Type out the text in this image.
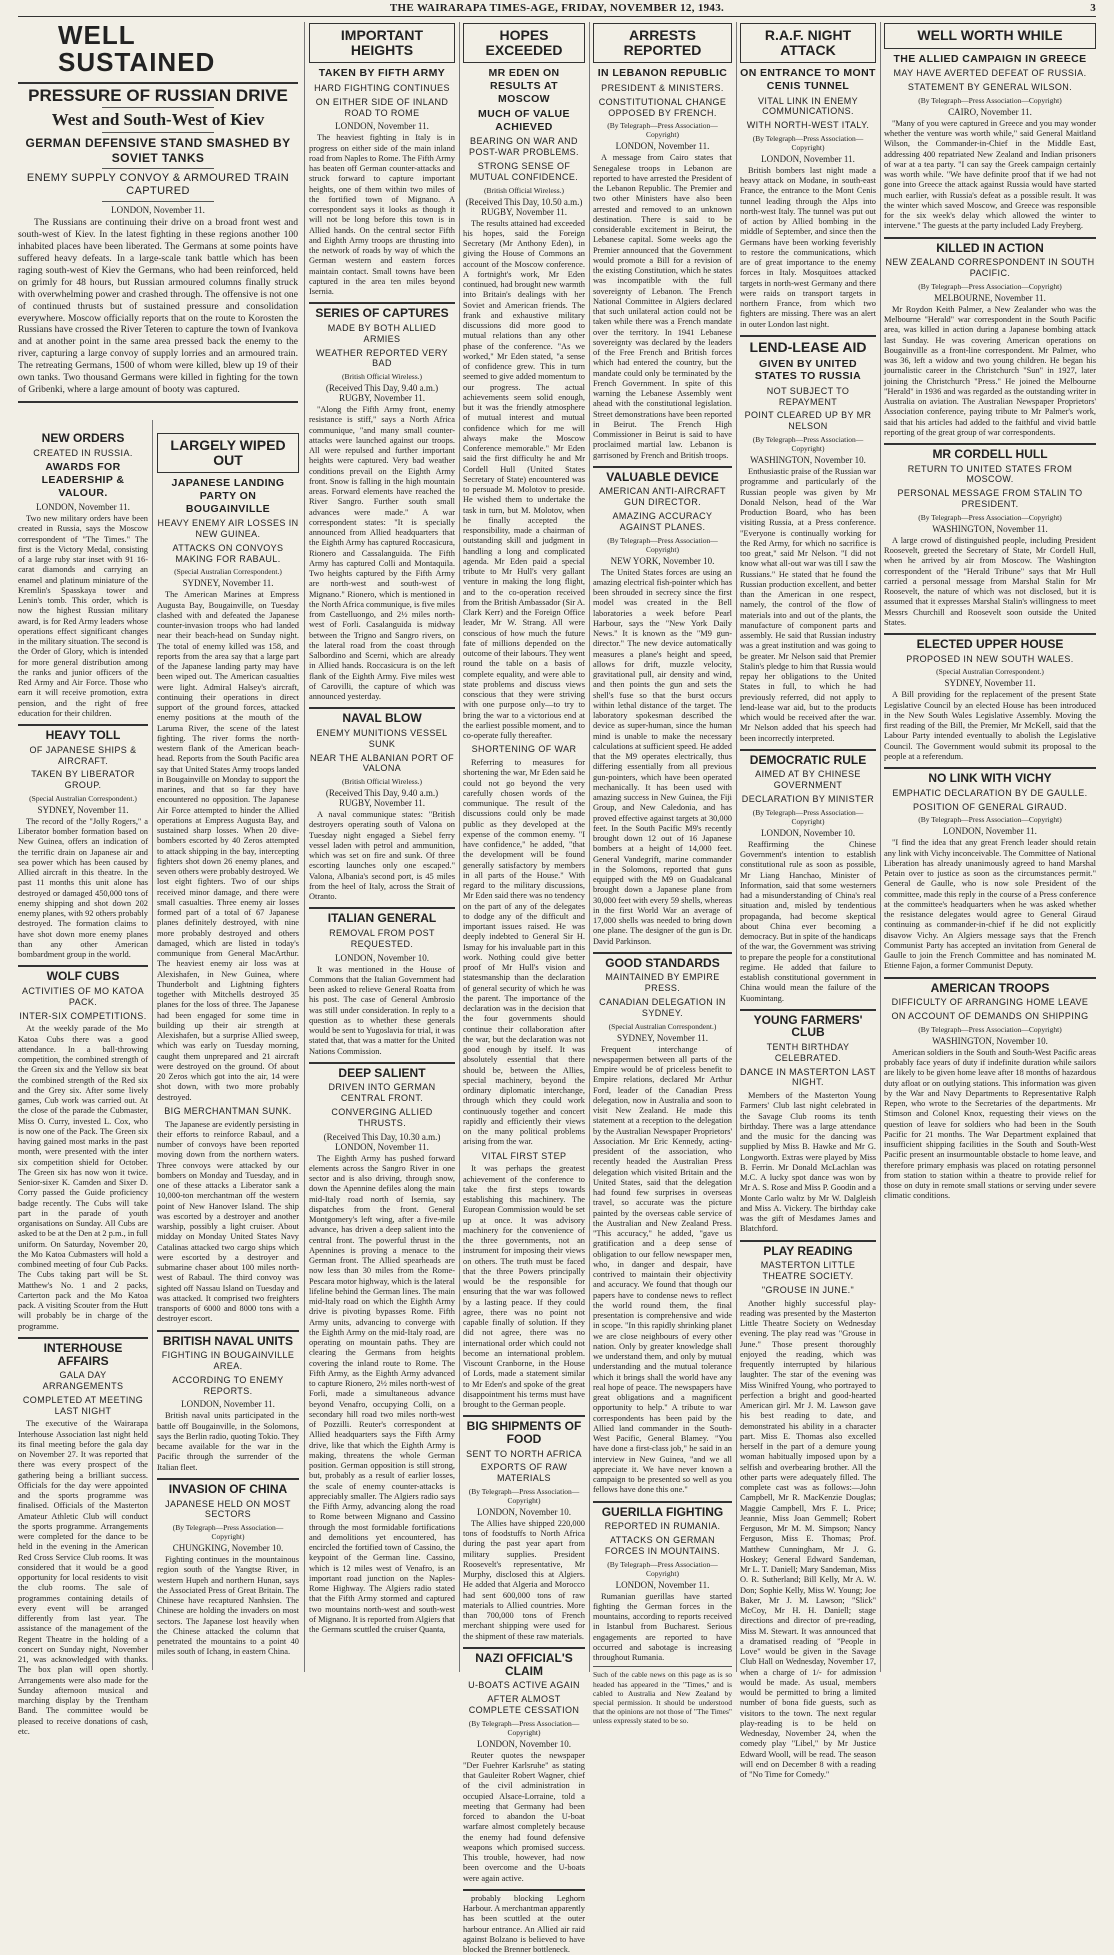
THE WAIRARAPA TIMES-AGE, FRIDAY, NOVEMBER 12, 1943.	3
WELL SUSTAINED
PRESSURE OF RUSSIAN DRIVE
West and South-West of Kiev
GERMAN DEFENSIVE STAND SMASHED BY SOVIET TANKS
ENEMY SUPPLY CONVOY & ARMOURED TRAIN CAPTURED
LONDON, November 11.

The Russians are continuing their drive on a broad front west and south-west of Kiev. In the latest fighting in these regions another 100 inhabited places have been liberated. The Germans at some points have suffered heavy defeats. In a large-scale tank battle which has been raging south-west of Kiev the Germans, who had been reinforced, held on grimly for 48 hours, but Russian armoured columns finally struck with overwhelming power and crashed through. The offensive is not one of continued thrusts but of sustained pressure and consolidation everywhere. Moscow officially reports that on the route to Korosten the Russians have crossed the River Teteren to capture the town of Ivankova and at another point in the same area pressed back the enemy to the river, capturing a large convoy of supply lorries and an armoured train. The retreating Germans, 1500 of whom were killed, blew up 19 of their own tanks. Two thousand Germans were killed in fighting for the town of Gribenki, where a large amount of booty was captured.

NEW ORDERS
CREATED IN RUSSIA.
AWARDS FOR LEADERSHIP & VALOUR.
LONDON, November 11.

Two new military orders have been created in Russia, says the Moscow correspondent of "The Times." The first is the Victory Medal, consisting of a large ruby star inset with 91 16-carat diamonds and carrying an enamel and platinum miniature of the Kremlin's Spasskaya tower and Lenin's tomb. This order, which is now the highest Russian military award, is for Red Army leaders whose operations effect significant changes in the military situation. The second is the Order of Glory, which is intended for more general distribution among the ranks and junior officers of the Red Army and Air Force. Those who earn it will receive promotion, extra pension, and the right of free education for their children.

HEAVY TOLL
OF JAPANESE SHIPS & AIRCRAFT.
TAKEN BY LIBERATOR GROUP.
(Special Australian Correspondent.)
SYDNEY, November 11.

The record of the "Jolly Rogers," a Liberator bomber formation based on New Guinea, offers an indication of the terrific drain on Japanese air and sea power which has been caused by Allied aircraft in this theatre. In the past 11 months this unit alone has destroyed or damaged 450,000 tons of enemy shipping and shot down 202 enemy planes, with 92 others probably destroyed. The formation claims to have shot down more enemy planes than any other American bombardment group in the world.

WOLF CUBS
ACTIVITIES OF MO KATOA PACK.
INTER-SIX COMPETITIONS.

At the weekly parade of the Mo Katoa Cubs there was a good attendance. In a ball-throwing competition, the combined strength of the Green six and the Yellow six beat the combined strength of the Red six and the Grey six. After some lively games, Cub work was carried out. At the close of the parade the Cubmaster, Miss O. Curry, invested L. Cox, who is now one of the Pack. The Green six having gained most marks in the past month, were presented with the inter six competition shield for October. The Green six has now won it twice. Senior-sixer K. Camden and Sixer D. Corry passed the Guide proficiency badge recently. The Cubs will take part in the parade of youth organisations on Sunday. All Cubs are asked to be at the Den at 2 p.m., in full uniform. On Saturday, November 20, the Mo Katoa Cubmasters will hold a combined meeting of four Cub Packs. The Cubs taking part will be St. Matthew's No. 1 and 2 packs, Carterton pack and the Mo Katoa pack. A visiting Scouter from the Hutt will probably be in charge of the programme.

INTERHOUSE AFFAIRS
GALA DAY ARRANGEMENTS
COMPLETED AT MEETING LAST NIGHT

The executive of the Wairarapa Interhouse Association last night held its final meeting before the gala day on November 27. It was reported that there was every prospect of the gathering being a brilliant success. Officials for the day were appointed and the sports programme was finalised. Officials of the Masterton Amateur Athletic Club will conduct the sports programme. Arrangements were completed for the dance to be held in the evening in the American Red Cross Service Club rooms. It was considered that it would be a good opportunity for local residents to visit the club rooms. The sale of programmes containing details of every event will be arranged differently from last year. The assistance of the management of the Regent Theatre in the holding of a concert on Sunday night, November 21, was acknowledged with thanks. The box plan will open shortly. Arrangements were also made for the Sunday afternoon musical and marching display by the Trentham Band. The committee would be pleased to receive donations of cash, etc.

LARGELY WIPED OUT
JAPANESE LANDING PARTY ON BOUGAINVILLE
HEAVY ENEMY AIR LOSSES IN NEW GUINEA.
ATTACKS ON CONVOYS MAKING FOR RABAUL.
(Special Australian Correspondent.)
SYDNEY, November 11.

The American Marines at Empress Augusta Bay, Bougainville, on Tuesday clashed with and defeated the Japanese counter-invasion troops who had landed near their beach-head on Sunday night. The total of enemy killed was 158, and reports from the area say that a large part of the Japanese landing party may have been wiped out. The American casualties were light. Admiral Halsey's aircraft, continuing their operations in direct support of the ground forces, attacked enemy positions at the mouth of the Laruma River, the scene of the latest fighting. The river forms the north-western flank of the American beach-head. Reports from the South Pacific area say that United States Army troops landed in Bougainville on Monday to support the marines, and that so far they have encountered no opposition. The Japanese Air Force attempted to hinder the Allied operations at Empress Augusta Bay, and sustained sharp losses. When 20 dive-bombers escorted by 40 Zeros attempted to attack shipping in the bay, intercepting fighters shot down 26 enemy planes, and seven others were probably destroyed. We lost eight fighters. Two of our ships received minor damage, and there were small casualties. Three enemy air losses formed part of a total of 67 Japanese planes definitely destroyed, with nine more probably destroyed and others damaged, which are listed in today's communique from General MacArthur. The heaviest enemy air loss was at Alexishafen, in New Guinea, where Thunderbolt and Lightning fighters together with Mitchells destroyed 35 planes for the loss of three. The Japanese had been engaged for some time in building up their air strength at Alexishafen, but a surprise Allied sweep, which was early on Tuesday morning, caught them unprepared and 21 aircraft were destroyed on the ground. Of about 20 Zeros which got into the air, 14 were shot down, with two more probably destroyed.

BIG MERCHANTMAN SUNK.

The Japanese are evidently persisting in their efforts to reinforce Rabaul, and a number of convoys have been reported moving down from the northern waters. Three convoys were attacked by our bombers on Monday and Tuesday, and in one of these attacks a Liberator sank a 10,000-ton merchantman off the western point of New Hanover Island. The ship was escorted by a destroyer and another warship, possibly a light cruiser. About midday on Monday United States Navy Catalinas attacked two cargo ships which were escorted by a destroyer and submarine chaser about 100 miles north-west of Rabaul. The third convoy was sighted off Nassau Island on Tuesday and was attacked. It comprised two freighters transports of 6000 and 8000 tons with a destroyer escort.

BRITISH NAVAL UNITS
FIGHTING IN BOUGAINVILLE AREA.
ACCORDING TO ENEMY REPORTS.
LONDON, November 11.

British naval units participated in the battle off Bougainville, in the Solomons, says the Berlin radio, quoting Tokio. They became available for the war in the Pacific through the surrender of the Italian fleet.

INVASION OF CHINA
JAPANESE HELD ON MOST SECTORS
(By Telegraph—Press Association—Copyright)
CHUNGKING, November 10.

Fighting continues in the mountainous region south of the Yangtse River, in western Hupeh and northern Hunan, says the Associated Press of Great Britain. The Chinese have recaptured Nanhsien. The Chinese are holding the invaders on most sectors. The Japanese lost heavily when the Chinese attacked the column that penetrated the mountains to a point 40 miles south of Ichang, in eastern China.

IMPORTANT HEIGHTS
TAKEN BY FIFTH ARMY
HARD FIGHTING CONTINUES
ON EITHER SIDE OF INLAND ROAD TO ROME
LONDON, November 11.

The heaviest fighting in Italy is in progress on either side of the main inland road from Naples to Rome. The Fifth Army has beaten off German counter-attacks and struck forward to capture important heights, one of them within two miles of the fortified town of Mignano. A correspondent says it looks as though it will not be long before this town is in Allied hands. On the central sector Fifth and Eighth Army troops are thrusting into the network of roads by way of which the German western and eastern forces maintain contact. Small towns have been captured in the area ten miles beyond Isernia.

SERIES OF CAPTURES
MADE BY BOTH ALLIED ARMIES
WEATHER REPORTED VERY BAD
(British Official Wireless.)
(Received This Day, 9.40 a.m.) RUGBY, November 11.

"Along the Fifth Army front, enemy resistance is stiff," says a North Africa communique, "and many small counter-attacks were launched against our troops. All were repulsed and further important heights were captured. Very bad weather conditions prevail on the Eighth Army front. Snow is falling in the high mountain areas. Forward elements have reached the River Sangro. Further south small advances were made." A war correspondent states: "It is specially announced from Allied headquarters that the Eighth Army has captured Roccasicura, Rionero and Cassalanguida. The Fifth Army has captured Colli and Montaquila. Two heights captured by the Fifth Army are north-west and south-west of Mignano." Rionero, which is mentioned in the North Africa communique, is five miles from Castelluongo, and 2½ miles north-west of Forli. Casalanguida is midway between the Trigno and Sangro rivers, on the lateral road from the coast through Salbordino and Scerni, which are already in Allied hands. Roccasicura is on the left flank of the Eighth Army. Five miles west of Carovilli, the capture of which was announced yesterday.

NAVAL BLOW
ENEMY MUNITIONS VESSEL SUNK
NEAR THE ALBANIAN PORT OF VALONA
(British Official Wireless.)
(Received This Day, 9.40 a.m.) RUGBY, November 11.

A naval communique states: "British destroyers operating south of Valona on Tuesday night engaged a Siebel ferry vessel laden with petrol and ammunition, which was set on fire and sunk. Of three escorting launches only one escaped." Valona, Albania's second port, is 45 miles from the heel of Italy, across the Strait of Otranto.

ITALIAN GENERAL
REMOVAL FROM POST REQUESTED.
LONDON, November 10.

It was mentioned in the House of Commons that the Italian Government had been asked to relieve General Roatta from his post. The case of General Ambrosio was still under consideration. In reply to a question as to whether these generals would be sent to Yugoslavia for trial, it was stated that, that was a matter for the United Nations Commission.

DEEP SALIENT
DRIVEN INTO GERMAN CENTRAL FRONT.
CONVERGING ALLIED THRUSTS.
(Received This Day, 10.30 a.m.) LONDON, November 11.

The Eighth Army has pushed forward elements across the Sangro River in one sector and is also driving, through snow, down the Apennine defiles along the main mid-Italy road north of Isernia, say dispatches from the front. General Montgomery's left wing, after a five-mile advance, has driven a deep salient into the central front. The powerful thrust in the Apennines is proving a menace to the German front. The Allied spearheads are now less than 30 miles from the Rome-Pescara motor highway, which is the lateral lifeline behind the German lines. The main mid-Italy road on which the Eighth Army drive is pivoting bypasses Rome. Fifth Army units, advancing to converge with the Eighth Army on the mid-Italy road, are operating on mountain paths. They are clearing the Germans from heights covering the inland route to Rome. The Fifth Army, as the Eighth Army advanced to capture Rionero, 2½ miles north-west of Forli, made a simultaneous advance beyond Venafro, occupying Colli, on a secondary hill road two miles north-west of Pozzilli. Reuter's correspondent at Allied headquarters says the Fifth Army drive, like that which the Eighth Army is making, threatens the whole German position. German opposition is still strong, but, probably as a result of earlier losses, the scale of enemy counter-attacks is appreciably smaller. The Algiers radio says the Fifth Army, advancing along the road to Rome between Mignano and Cassino through the most formidable fortifications and demolitions yet encountered, has encircled the fortified town of Cassino, the keypoint of the German line. Cassino, which is 12 miles west of Venafro, is an important road junction on the Naples-Rome Highway. The Algiers radio stated that the Fifth Army stormed and captured two mountains north-west and south-west of Mignano. It is reported from Algiers that the Germans scuttled the cruiser Quanta,

HOPES EXCEEDED
MR EDEN ON RESULTS AT MOSCOW
MUCH OF VALUE ACHIEVED
BEARING ON WAR AND POST-WAR PROBLEMS.
STRONG SENSE OF MUTUAL CONFIDENCE.
(British Official Wireless.)
(Received This Day, 10.50 a.m.) RUGBY, November 11.

The results attained had exceeded his hopes, said the Foreign Secretary (Mr Anthony Eden), in giving the House of Commons an account of the Moscow conference. A fortnight's work, Mr Eden continued, had brought new warmth into Britain's dealings with her Soviet and American friends. The frank and exhaustive military discussions did more good to mutual relations than any other phase of the conference. "As we worked," Mr Eden stated, "a sense of confidence grew. This in turn seemed to give added momentum to our progress. The actual achievements seem solid enough, but it was the friendly atmosphere of mutual interest and mutual confidence which for me will always make the Moscow Conference memorable." Mr Eden said the first difficulty he and Mr Cordell Hull (United States Secretary of State) encountered was to persuade M. Molotov to preside. He wished them to undertake the task in turn, but M. Molotov, when he finally accepted the responsibility, made a chairman of outstanding skill and judgment in handling a long and complicated agenda. Mr Eden paid a special tribute to Mr Hull's very gallant venture in making the long flight, and to the co-operation received from the British Ambassador (Sir A. Clark Kerr) and the Foreign Office leader, Mr W. Strang. All were conscious of how much the future fate of millions depended on the outcome of their labours. They went round the table on a basis of complete equality, and were able to state problems and discuss views conscious that they were striving with one purpose only—to try to bring the war to a victorious end at the earliest possible moment, and to co-operate fully thereafter.

SHORTENING OF WAR

Referring to measures for shortening the war, Mr Eden said he could not go beyond the very carefully chosen words of the communique. The result of the discussions could only be made public as they developed at the expense of the common enemy. "I have confidence," he added, "that the development will be found generally satisfactory by members in all parts of the House." With regard to the military discussions, Mr Eden said there was no tendency on the part of any of the delegates to dodge any of the difficult and important issues raised. He was deeply indebted to General Sir H. Ismay for his invaluable part in this work. Nothing could give better proof of Mr Hull's vision and statesmanship than the declaration of general security of which he was the parent. The importance of the declaration was in the decision that the four governments should continue their collaboration after the war, but the declaration was not good enough by itself. It was absolutely essential that there should be, between the Allies, special machinery, beyond the ordinary diplomatic interchange, through which they could work continuously together and concert rapidly and efficiently their views on the many political problems arising from the war.

VITAL FIRST STEP

It was perhaps the greatest achievement of the conference to take the first steps towards establishing this machinery. The European Commission would be set up at once. It was advisory machinery for the convenience of the three governments, not an instrument for imposing their views on others. The truth must be faced that the three Powers principally would be the responsible for ensuring that the war was followed by a lasting peace. If they could agree, there was no point not capable finally of solution. If they did not agree, there was no international order which could not become an international problem. Viscount Cranborne, in the House of Lords, made a statement similar to Mr Eden's and spoke of the great disappointment his terms must have brought to the German people.

BIG SHIPMENTS OF FOOD
SENT TO NORTH AFRICA
EXPORTS OF RAW MATERIALS
(By Telegraph—Press Association—Copyright)
LONDON, November 10.

The Allies have shipped 220,000 tons of foodstuffs to North Africa during the past year apart from military supplies. President Roosevelt's representative, Mr Murphy, disclosed this at Algiers. He added that Algeria and Morocco had sent 600,000 tons of raw materials to Allied countries. More than 700,000 tons of French merchant shipping were used for the shipment of these raw materials.

NAZI OFFICIAL'S CLAIM
U-BOATS ACTIVE AGAIN
AFTER ALMOST COMPLETE CESSATION
(By Telegraph—Press Association—Copyright)
LONDON, November 10.

Reuter quotes the newspaper "Der Fuehrer Karlsruhe" as stating that Gauleiter Robert Wagner, chief of the civil administration in occupied Alsace-Lorraine, told a meeting that Germany had been forced to abandon the U-boat warfare almost completely because the enemy had found defensive weapons which promised success. This trouble, however, had now been overcome and the U-boats were again active.

probably blocking Leghorn Harbour. A merchantman apparently has been scuttled at the outer harbour entrance. An Allied air raid against Bolzano is believed to have blocked the Brenner bottleneck.

ARRESTS REPORTED
IN LEBANON REPUBLIC
PRESIDENT & MINISTERS.
CONSTITUTIONAL CHANGE OPPOSED BY FRENCH.
(By Telegraph—Press Association—Copyright)
LONDON, November 11.

A message from Cairo states that Senegalese troops in Lebanon are reported to have arrested the President of the Lebanon Republic. The Premier and two other Ministers have also been arrested and removed to an unknown destination. There is said to be considerable excitement in Beirut, the Lebanese capital. Some weeks ago the Premier announced that the Government would promote a Bill for a revision of the existing Constitution, which he states was incompatible with the full sovereignty of Lebanon. The French National Committee in Algiers declared that such unilateral action could not be taken while there was a French mandate over the territory. In 1941 Lebanese sovereignty was declared by the leaders of the Free French and British forces which had entered the country, but the mandate could only be terminated by the French Government. In spite of this warning the Lebanese Assembly went ahead with the constitutional legislation. Street demonstrations have been reported in Beirut. The French High Commissioner in Beirut is said to have proclaimed martial law. Lebanon is garrisoned by French and British troops.

VALUABLE DEVICE
AMERICAN ANTI-AIRCRAFT GUN DIRECTOR.
AMAZING ACCURACY AGAINST PLANES.
(By Telegraph—Press Association—Copyright)
NEW YORK, November 10.

The United States forces are using an amazing electrical fish-pointer which has been shrouded in secrecy since the first model was created in the Bell laboratories a week before Pearl Harbour, says the "New York Daily News." It is known as the "M9 gun-director." The new device automatically measures a plane's height and speed, allows for drift, muzzle velocity, gravitational pull, air density and wind, and then points the gun and sets the shell's fuse so that the burst occurs within lethal distance of the target. The laboratory spokesman described the device as super-human, since the human mind is unable to make the necessary calculations at sufficient speed. He added that the M9 operates electrically, thus differing essentially from all previous gun-pointers, which have been operated mechanically. It has been used with amazing success in New Guinea, the Fiji Group, and New Caledonia, and has proved effective against targets at 30,000 feet. In the South Pacific M9's recently brought down 12 out of 16 Japanese bombers at a height of 14,000 feet. General Vandegrift, marine commander in the Solomons, reported that guns equipped with the M9 on Guadalcanal brought down a Japanese plane from 30,000 feet with every 59 shells, whereas in the first World War an average of 17,000 shells was needed to bring down one plane. The designer of the gun is Dr. David Parkinson.

GOOD STANDARDS
MAINTAINED BY EMPIRE PRESS.
CANADIAN DELEGATION IN SYDNEY.
(Special Australian Correspondent.)
SYDNEY, November 11.

Frequent interchange of newspapermen between all parts of the Empire would be of priceless benefit to Empire relations, declared Mr Arthur Ford, leader of the Canadian Press delegation, now in Australia and soon to visit New Zealand. He made this statement at a reception to the delegation by the Australian Newspaper Proprietors' Association. Mr Eric Kennedy, acting-president of the association, who recently headed the Australian Press delegation which visited Britain and the United States, said that the delegation had found few surprises in overseas travel, so accurate was the picture painted by the overseas cable service of the Australian and New Zealand Press. "This accuracy," he added, "gave us gratification and a deep sense of obligation to our fellow newspaper men, who, in danger and despair, have contrived to maintain their objectivity and accuracy. We found that though our papers have to condense news to reflect the world round them, the final presentation is comprehensive and wide in scope. "In this rapidly shrinking planet we are close neighbours of every other nation. Only by greater knowledge shall we understand them, and only by mutual understanding and the mutual tolerance which it brings shall the world have any real hope of peace. The newspapers have great obligations and a magnificent opportunity to help." A tribute to war correspondents has been paid by the Allied land commander in the South-West Pacific, General Blamey. "You have done a first-class job," he said in an interview in New Guinea, "and we all appreciate it. We have never known a campaign to be presented so well as you fellows have done this one."

GUERILLA FIGHTING
REPORTED IN RUMANIA.
ATTACKS ON GERMAN FORCES IN MOUNTAINS.
(By Telegraph—Press Association—Copyright)
LONDON, November 11.

Rumanian guerillas have started fighting the German forces in the mountains, according to reports received in Istanbul from Bucharest. Serious engagements are reported to have occurred and sabotage is increasing throughout Rumania.

Such of the cable news on this page as is so headed has appeared in the "Times," and is cabled to Australia and New Zealand by special permission. It should be understood that the opinions are not those of "The Times" unless expressly stated to be so.

R.A.F. NIGHT ATTACK
ON ENTRANCE TO MONT CENIS TUNNEL
VITAL LINK IN ENEMY COMMUNICATIONS.
WITH NORTH-WEST ITALY.
(By Telegraph—Press Association—Copyright)
LONDON, November 11.

British bombers last night made a heavy attack on Modane, in south-east France, the entrance to the Mont Cenis tunnel leading through the Alps into north-west Italy. The tunnel was put out of action by Allied bombing in the middle of September, and since then the Germans have been working feverishly to restore the communications, which are of great importance to the enemy forces in Italy. Mosquitoes attacked targets in north-west Germany and there were raids on transport targets in northern France, from which two fighters are missing. There was an alert in outer London last night.

LEND-LEASE AID
GIVEN BY UNITED STATES TO RUSSIA
NOT SUBJECT TO REPAYMENT
POINT CLEARED UP BY MR NELSON
(By Telegraph—Press Association—Copyright)
WASHINGTON, November 10.

Enthusiastic praise of the Russian war programme and particularly of the Russian people was given by Mr Donald Nelson, head of the War Production Board, who has been visiting Russia, at a Press conference. "Everyone is continually working for the Red Army, for which no sacrifice is too great," said Mr Nelson. "I did not know what all-out war was till I saw the Russians." He stated that he found the Russian production excellent, and better than the American in one respect, namely, the control of the flow of materials into and out of the plants, the manufacture of component parts and assembly. He said that Russian industry was a great institution and was going to be greater. Mr Nelson said that Premier Stalin's pledge to him that Russia would repay her obligations to the United States in full, to which he had previously referred, did not apply to lend-lease war aid, but to the products which would be received after the war. Mr Nelson added that his speech had been incorrectly interpreted.

DEMOCRATIC RULE
AIMED AT BY CHINESE GOVERNMENT
DECLARATION BY MINISTER
(By Telegraph—Press Association—Copyright)
LONDON, November 10.

Reaffirming the Chinese Government's intention to establish constitutional rule as soon as possible, Mr Liang Hanchao, Minister of Information, said that some westerners had a misunderstanding of China's real situation and, misled by tendentious propaganda, had become skeptical about China ever becoming a democracy. But in spite of the handicaps of the war, the Government was striving to prepare the people for a constitutional regime. He added that failure to establish constitutional government in China would mean the failure of the Kuomintang.

YOUNG FARMERS' CLUB
TENTH BIRTHDAY CELEBRATED.
DANCE IN MASTERTON LAST NIGHT.

Members of the Masterton Young Farmers' Club last night celebrated in the Savage Club rooms its tenth birthday. There was a large attendance and the music for the dancing was supplied by Miss B. Hawke and Mr G. Longworth. Extras were played by Miss B. Ferrin. Mr Donald McLachlan was M.C. A lucky spot dance was won by Mr A. S. Rose and Miss P. Goodin and a Monte Carlo waltz by Mr W. Dalgleish and Miss A. Vickery. The birthday cake was the gift of Mesdames James and Blatchford.

PLAY READING
MASTERTON LITTLE THEATRE SOCIETY.
"GROUSE IN JUNE."

Another highly successful play-reading was presented by the Masterton Little Theatre Society on Wednesday evening. The play read was "Grouse in June." Those present thoroughly enjoyed the reading, which was frequently interrupted by hilarious laughter. The star of the evening was Miss Winifred Young, who portrayed to perfection a bright and good-hearted American girl. Mr J. M. Lawson gave his best reading to date, and demonstrated his ability in a character part. Miss E. Thomas also excelled herself in the part of a demure young woman habitually imposed upon by a selfish and overbearing brother. All the other parts were adequately filled. The complete cast was as follows:—John Campbell, Mr R. MacKenzie Douglas; Maggie Campbell, Mrs F. L. Price; Jeannie, Miss Joan Gemmell; Robert Ferguson, Mr M. M. Simpson; Nancy Ferguson, Miss E. Thomas; Prof. Matthew Cunningham, Mr J. G. Hoskey; General Edward Sandeman, Mr L. T. Daniell; Mary Sandeman, Miss O. R. Sutherland; Bill Kelly, Mr A. W. Don; Sophie Kelly, Miss W. Young; Joe Baker, Mr J. M. Lawson; "Slick" McCoy, Mr H. H. Daniell; stage directions and director of pre-reading, Miss M. Stewart. It was announced that a dramatised reading of "People in Love" would be given in the Savage Club Hall on Wednesday, November 17, when a charge of 1/- for admission would be made. As usual, members would be permitted to bring a limited number of bona fide guests, such as visitors to the town. The next regular play-reading is to be held on Wednesday, November 24, when the comedy play "Libel," by Mr Justice Edward Wooll, will be read. The season will end on December 8 with a reading of "No Time for Comedy."

WELL WORTH WHILE
THE ALLIED CAMPAIGN IN GREECE
MAY HAVE AVERTED DEFEAT OF RUSSIA.
STATEMENT BY GENERAL WILSON.
(By Telegraph—Press Association—Copyright)
CAIRO, November 11.

"Many of you were captured in Greece and you may wonder whether the venture was worth while," said General Maitland Wilson, the Commander-in-Chief in the Middle East, addressing 400 repatriated New Zealand and Indian prisoners of war at a tea party. "I can say the Greek campaign certainly was worth while. "We have definite proof that if we had not gone into Greece the attack against Russia would have started much earlier, with Russia's defeat as a possible result. It was the winter which saved Moscow, and Greece was responsible for the six week's delay which allowed the winter to intervene." The guests at the party included Lady Freyberg.

KILLED IN ACTION
NEW ZEALAND CORRESPONDENT IN SOUTH PACIFIC.
(By Telegraph—Press Association—Copyright)
MELBOURNE, November 11.

Mr Roydon Keith Palmer, a New Zealander who was the Melbourne "Herald" war correspondent in the South Pacific area, was killed in action during a Japanese bombing attack last Sunday. He was covering American operations on Bougainville as a front-line correspondent. Mr Palmer, who was 36, left a widow and two young children. He began his journalistic career in the Christchurch "Sun" in 1927, later joining the Christchurch "Press." He joined the Melbourne "Herald" in 1936 and was regarded as the outstanding writer in Australia on aviation. The Australian Newspaper Proprietors' Association conference, paying tribute to Mr Palmer's work, said that his articles had added to the faithful and vivid battle reporting of the great group of war correspondents.

MR CORDELL HULL
RETURN TO UNITED STATES FROM MOSCOW.
PERSONAL MESSAGE FROM STALIN TO PRESIDENT.
(By Telegraph—Press Association—Copyright)
WASHINGTON, November 11.

A large crowd of distinguished people, including President Roosevelt, greeted the Secretary of State, Mr Cordell Hull, when he arrived by air from Moscow. The Washington correspondent of the "Herald Tribune" says that Mr Hull carried a personal message from Marshal Stalin for Mr Roosevelt, the nature of which was not disclosed, but it is assumed that it expresses Marshal Stalin's willingness to meet Messrs Churchill and Roosevelt soon outside the United States.

ELECTED UPPER HOUSE
PROPOSED IN NEW SOUTH WALES.
(Special Australian Correspondent.)
SYDNEY, November 11.

A Bill providing for the replacement of the present State Legislative Council by an elected House has been introduced in the New South Wales Legislative Assembly. Moving the first reading of the Bill, the Premier, Mr McKell, said that the Labour Party intended eventually to abolish the Legislative Council. The Government would submit its proposal to the people at a referendum.

NO LINK WITH VICHY
EMPHATIC DECLARATION BY DE GAULLE.
POSITION OF GENERAL GIRAUD.
(By Telegraph—Press Association—Copyright)
LONDON, November 11.

"I find the idea that any great French leader should retain any link with Vichy inconceivable. The Committee of National Liberation has already unanimously agreed to hand Marshal Petain over to justice as soon as the circumstances permit." General de Gaulle, who is now sole President of the committee, made this reply in the course of a Press conference at the committee's headquarters when he was asked whether the resistance delegates would agree to General Giraud continuing as commander-in-chief if he did not explicitly disavow Vichy. An Algiers message says that the French Communist Party has accepted an invitation from General de Gaulle to join the French Committee and has nominated M. Etienne Fajon, a former Communist Deputy.

AMERICAN TROOPS
DIFFICULTY OF ARRANGING HOME LEAVE
ON ACCOUNT OF DEMANDS ON SHIPPING
(By Telegraph—Press Association—Copyright)
WASHINGTON, November 10.

American soldiers in the South and South-West Pacific areas probably face years of duty if indefinite duration while sailors are likely to be given home leave after 18 months of hazardous duty afloat or on outlying stations. This information was given by the War and Navy Departments to Representative Ralph Repen, who wrote to the Secretaries of the departments. Mr Stimson and Colonel Knox, requesting their views on the question of leave for soldiers who had been in the South Pacific for 21 months. The War Department explained that insufficient shipping facilities in the South and South-West Pacific present an insurmountable obstacle to home leave, and therefore primary emphasis was placed on rotating personnel from station to station within a theatre to provide relief for those on duty in remote small stations or serving under severe climatic conditions.
